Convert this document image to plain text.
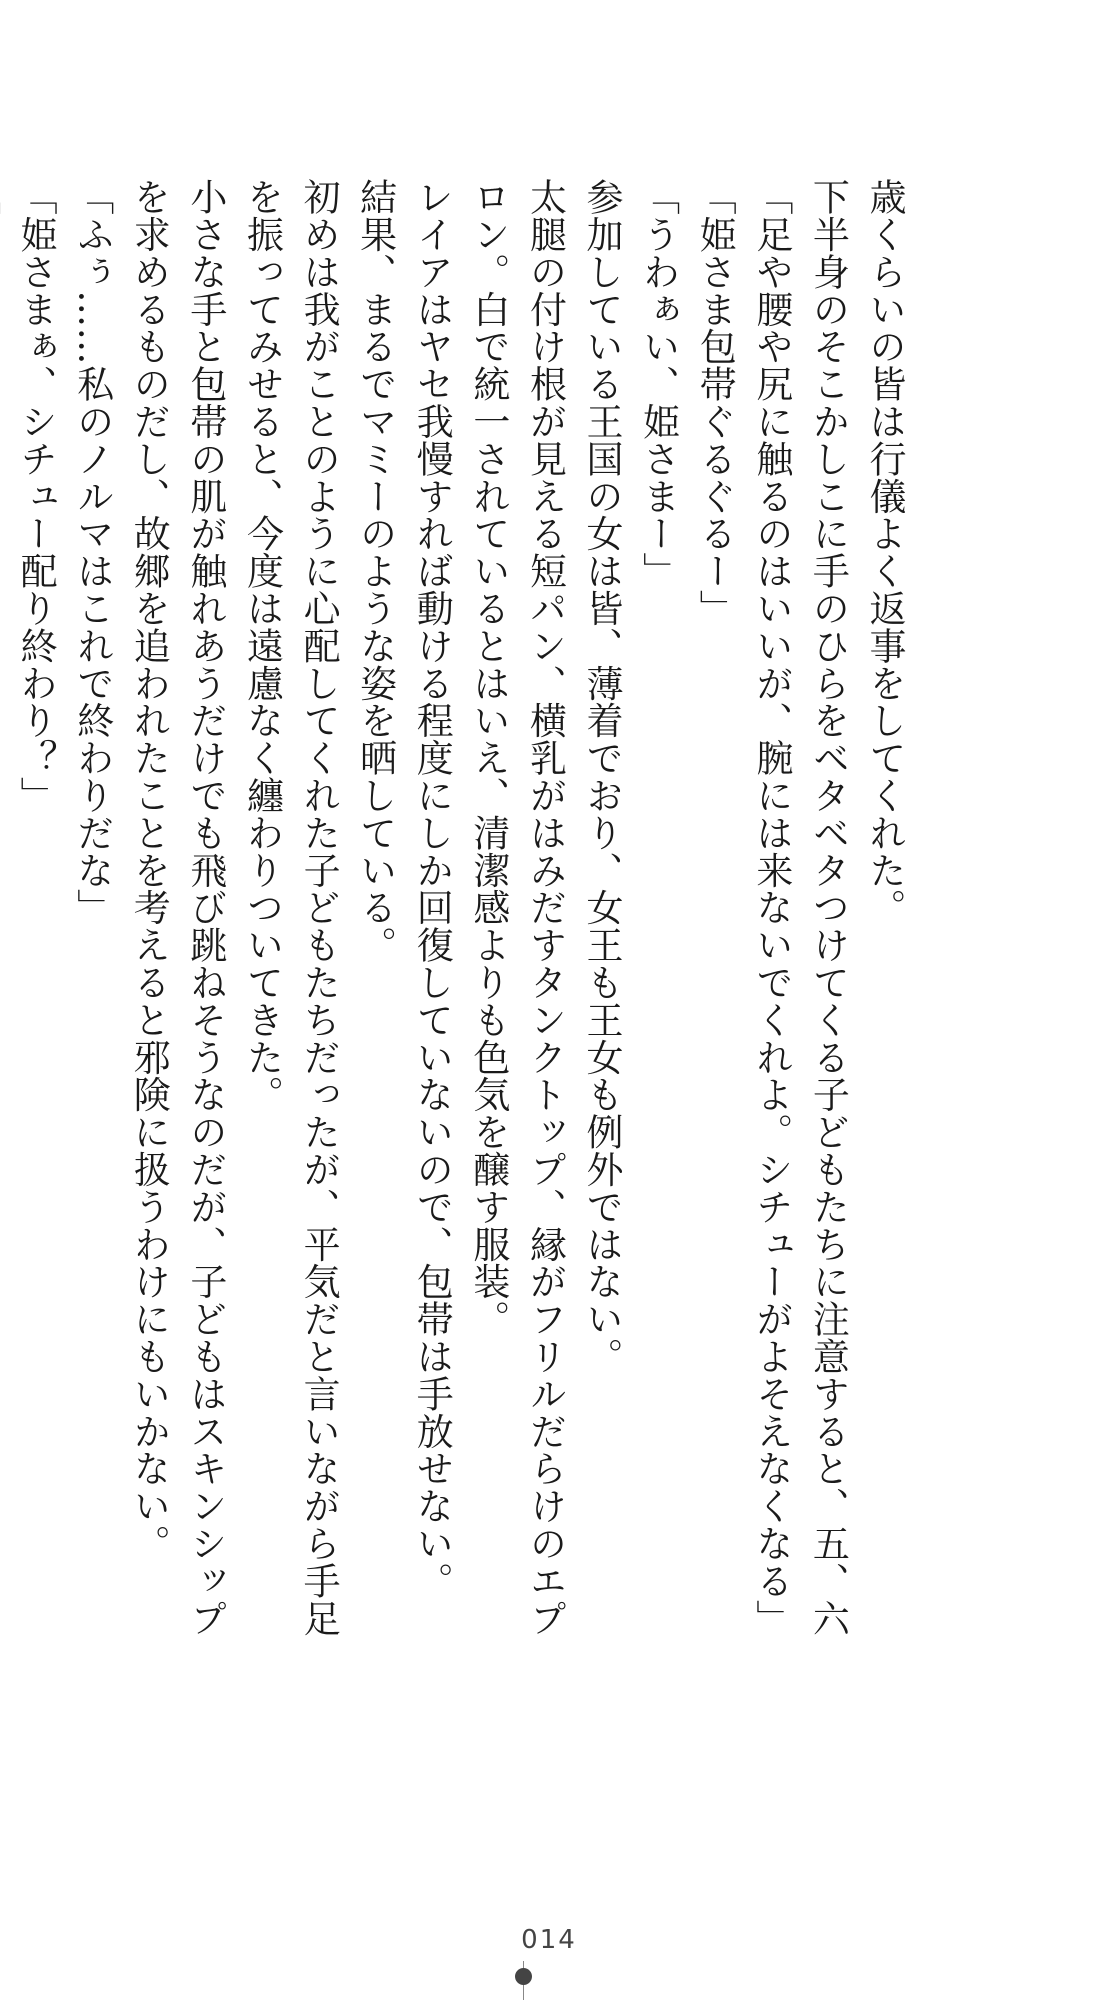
歳くらいの皆は行儀よく返事をしてくれた。

下半身のそこかしこに手のひらをベタベタつけてくる子どもたちに注意すると、五、六

「足や腰や尻に触るのはいいが、腕には来ないでくれよ。シチューがよそえなくなる」

「姫さま包帯ぐるぐるー」

「うわぁい、姫さまー」

参加している王国の女は皆、薄着でおり、女王も王女も例外ではない。

太腿の付け根が見える短パン、横乳がはみだすタンクトップ、縁がフリルだらけのエプ

ロン。白で統一されているとはいえ、清潔感よりも色気を醸す服装。

レイアはヤセ我慢すれば動ける程度にしか回復していないので、包帯は手放せない。

結果、まるでマミーのような姿を晒している。

初めは我がことのように心配してくれた子どもたちだったが、平気だと言いながら手足

を振ってみせると、今度は遠慮なく纏わりついてきた。

小さな手と包帯の肌が触れあうだけでも飛び跳ねそうなのだが、子どもはスキンシップ

を求めるものだし、故郷を追われたことを考えると邪険に扱うわけにもいかない。

「ふぅ……私のノルマはこれで終わりだな」

「姫さまぁ、シチュー配り終わり？」

014
